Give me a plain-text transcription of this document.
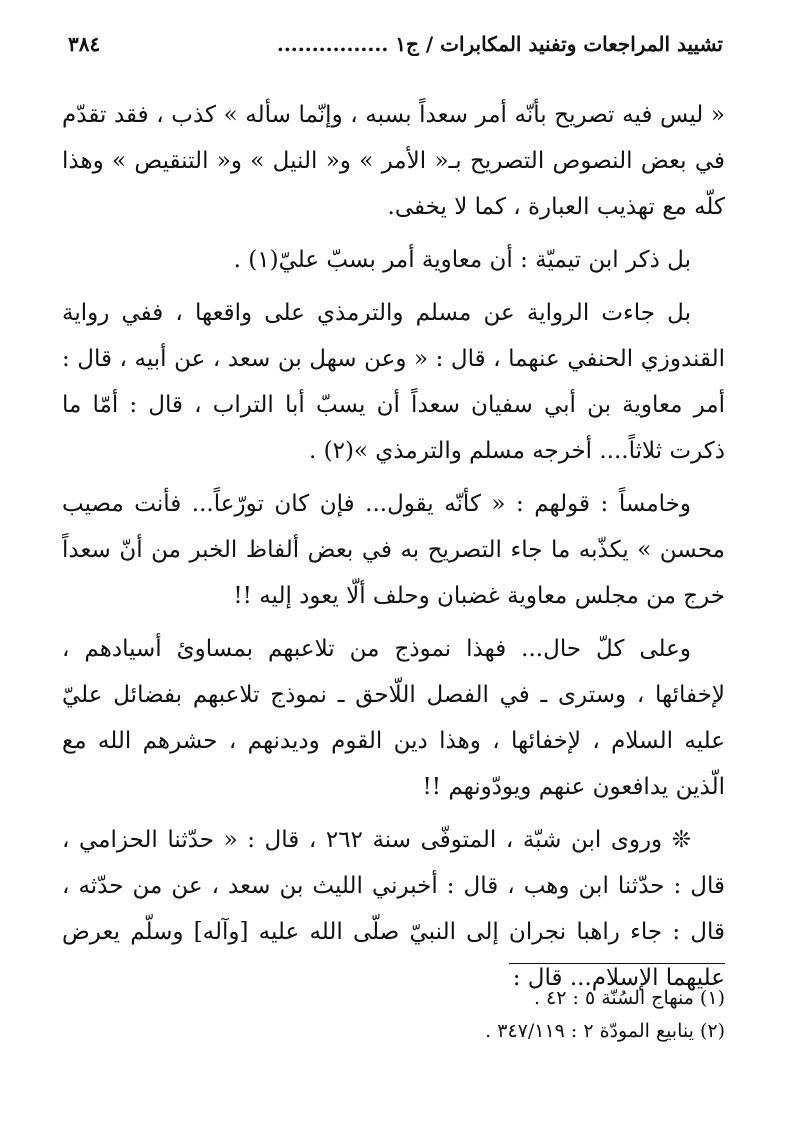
تشييد المراجعات وتفنيد المكابرات / ج١ ................
٣٨٤

« ليس فيه تصريح بأنّه أمر سعداً بسبه ، وإنّما سأله » كذب ، فقد تقدّم في بعض النصوص التصريح بـ« الأمر » و« النيل » و« التنقيص » وهذا كلّه مع تهذيب العبارة ، كما لا يخفى.

بل ذكر ابن تيميّة : أن معاوية أمر بسبّ عليّ(١) .

بل جاءت الرواية عن مسلم والترمذي على واقعها ، ففي رواية القندوزي الحنفي عنهما ، قال : « وعن سهل بن سعد ، عن أبيه ، قال : أمر معاوية بن أبي سفيان سعداً أن يسبّ أبا التراب ، قال : أمّا ما ذكرت ثلاثاً.... أخرجه مسلم والترمذي »(٢) .

وخامساً : قولهم : « كأنّه يقول... فإن كان تورّعاً... فأنت مصيب محسن » يكذّبه ما جاء التصريح به في بعض ألفاظ الخبر من أنّ سعداً خرج من مجلس معاوية غضبان وحلف ألّا يعود إليه !!

وعلى كلّ حال... فهذا نموذج من تلاعبهم بمساوئ أسيادهم ، لإخفائها ، وسترى ـ في الفصل اللّاحق ـ نموذج تلاعبهم بفضائل عليّ عليه السلام ، لإخفائها ، وهذا دين القوم وديدنهم ، حشرهم الله مع الّذين يدافعون عنهم ويودّونهم !!

❊ وروى ابن شبّة ، المتوفّى سنة ٢٦٢ ، قال : « حدّثنا الحزامي ، قال : حدّثنا ابن وهب ، قال : أخبرني الليث بن سعد ، عن من حدّثه ، قال : جاء راهبا نجران إلى النبيّ صلّى الله عليه [وآله] وسلّم يعرض عليهما الإسلام... قال :

(١) منهاج السُنّة ٥ : ٤٢ .

(٢) ينابيع المودّة ٢ : ٣٤٧/١١٩ .
